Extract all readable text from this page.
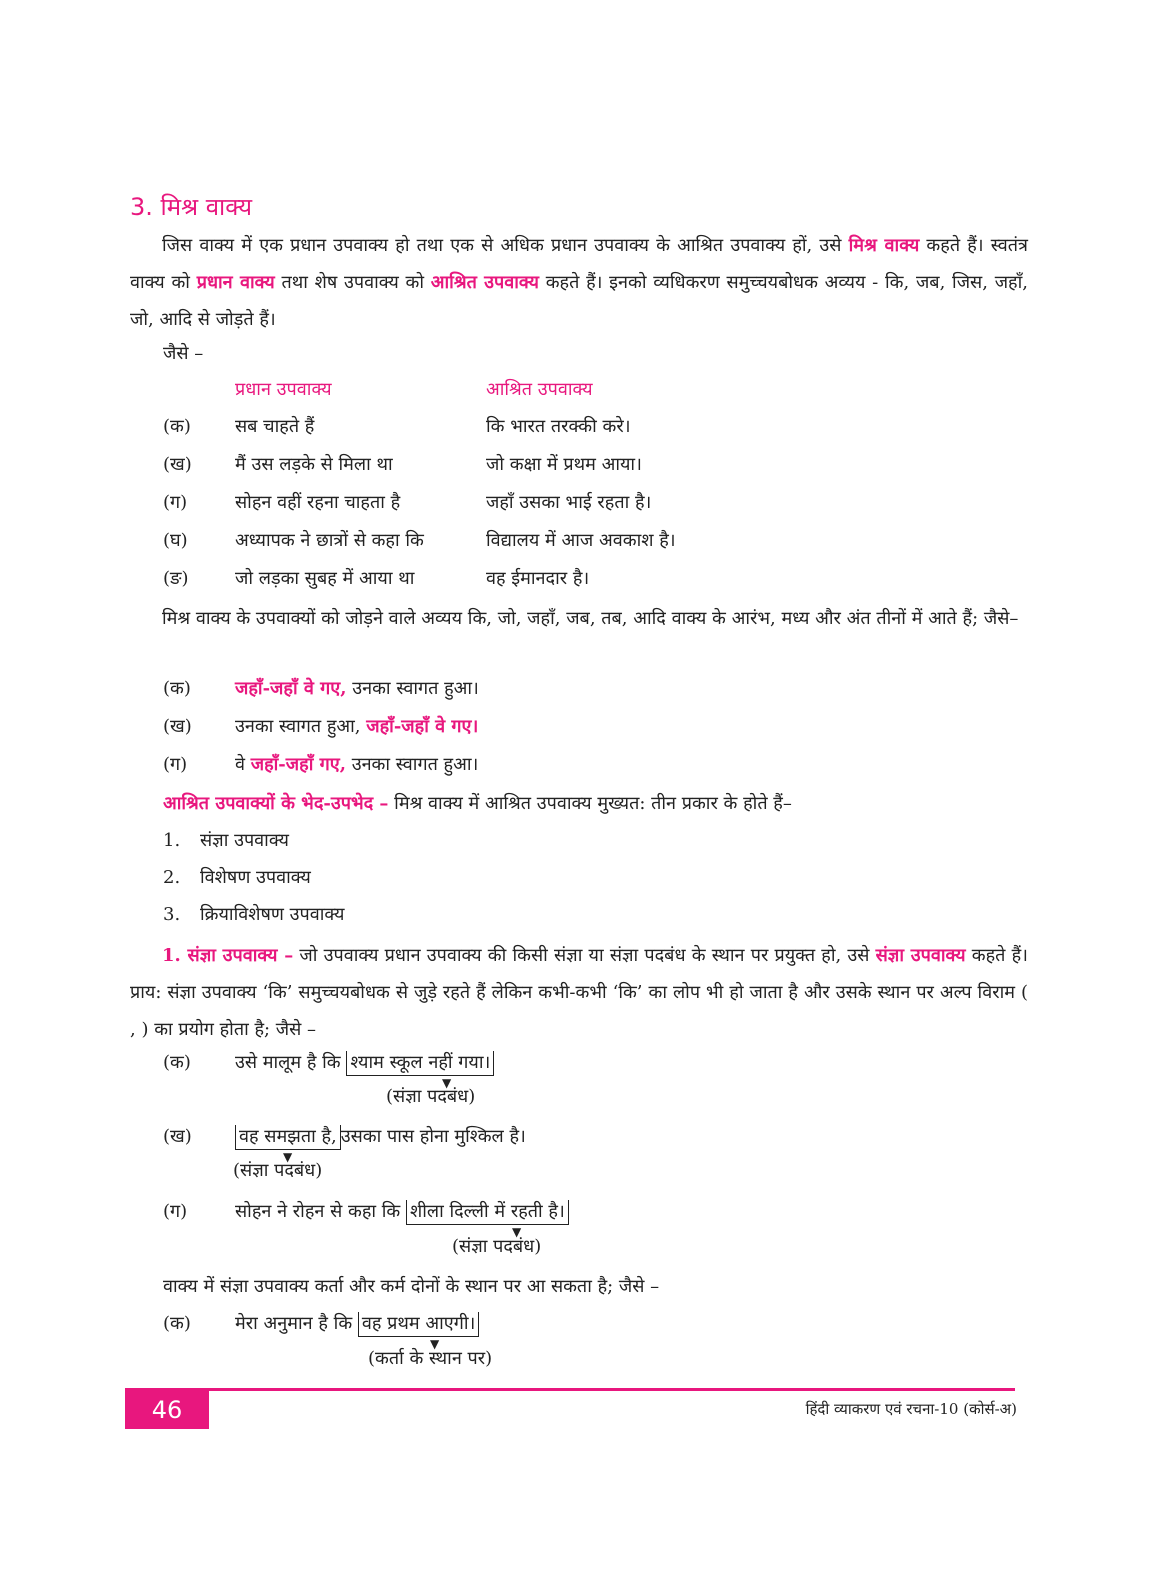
3. मिश्र वाक्य
जिस वाक्य में एक प्रधान उपवाक्य हो तथा एक से अधिक प्रधान उपवाक्य के आश्रित उपवाक्य हों, उसे मिश्र वाक्य कहते हैं। स्वतंत्र वाक्य को प्रधान वाक्य तथा शेष उपवाक्य को आश्रित उपवाक्य कहते हैं। इनको व्यधिकरण समुच्चयबोधक अव्यय - कि, जब, जिस, जहाँ, जो, आदि से जोड़ते हैं।
जैसे –
प्रधान उपवाक्य	आश्रित उपवाक्य
(क) सब चाहते हैं	कि भारत तरक्की करे।
(ख) मैं उस लड़के से मिला था	जो कक्षा में प्रथम आया।
(ग)	सोहन वहीं रहना चाहता है	जहाँ उसका भाई रहता है।
(घ)	अध्यापक ने छात्रों से कहा कि	विद्यालय में आज अवकाश है।
(ङ)	जो लड़का सुबह में आया था	वह ईमानदार है।
मिश्र वाक्य के उपवाक्यों को जोड़ने वाले अव्यय कि, जो, जहाँ, जब, तब, आदि वाक्य के आरंभ, मध्य और अंत तीनों में आते हैं; जैसे–
(क) जहाँ-जहाँ वे गए, उनका स्वागत हुआ।
(ख) उनका स्वागत हुआ, जहाँ-जहाँ वे गए।
(ग)	वे जहाँ-जहाँ गए, उनका स्वागत हुआ।
आश्रित उपवाक्यों के भेद-उपभेद – मिश्र वाक्य में आश्रित उपवाक्य मुख्यत: तीन प्रकार के होते हैं–
1. संज्ञा उपवाक्य
2. विशेषण उपवाक्य
3. क्रियाविशेषण उपवाक्य
1. संज्ञा उपवाक्य – जो उपवाक्य प्रधान उपवाक्य की किसी संज्ञा या संज्ञा पदबंध के स्थान पर प्रयुक्त हो, उसे संज्ञा उपवाक्य कहते हैं। प्राय: संज्ञा उपवाक्य ‘कि’ समुच्चयबोधक से जुड़े रहते हैं लेकिन कभी-कभी ‘कि’ का लोप भी हो जाता है और उसके स्थान पर अल्प विराम ( , ) का प्रयोग होता है; जैसे –
(क) उसे मालूम है कि श्याम स्कूल नहीं गया।
▼
(संज्ञा पदबंध)
(ख)	वह समझता है, उसका पास होना मुश्किल है।
▼
(संज्ञा पदबंध)
(ग)	सोहन ने रोहन से कहा कि शीला दिल्ली में रहती है।
▼
(संज्ञा पदबंध)
वाक्य में संज्ञा उपवाक्य कर्ता और कर्म दोनों के स्थान पर आ सकता है; जैसे –
(क) मेरा अनुमान है कि वह प्रथम आएगी।
▼
(कर्ता के स्थान पर)
46	हिंदी व्याकरण एवं रचना-10 (कोर्स-अ)
